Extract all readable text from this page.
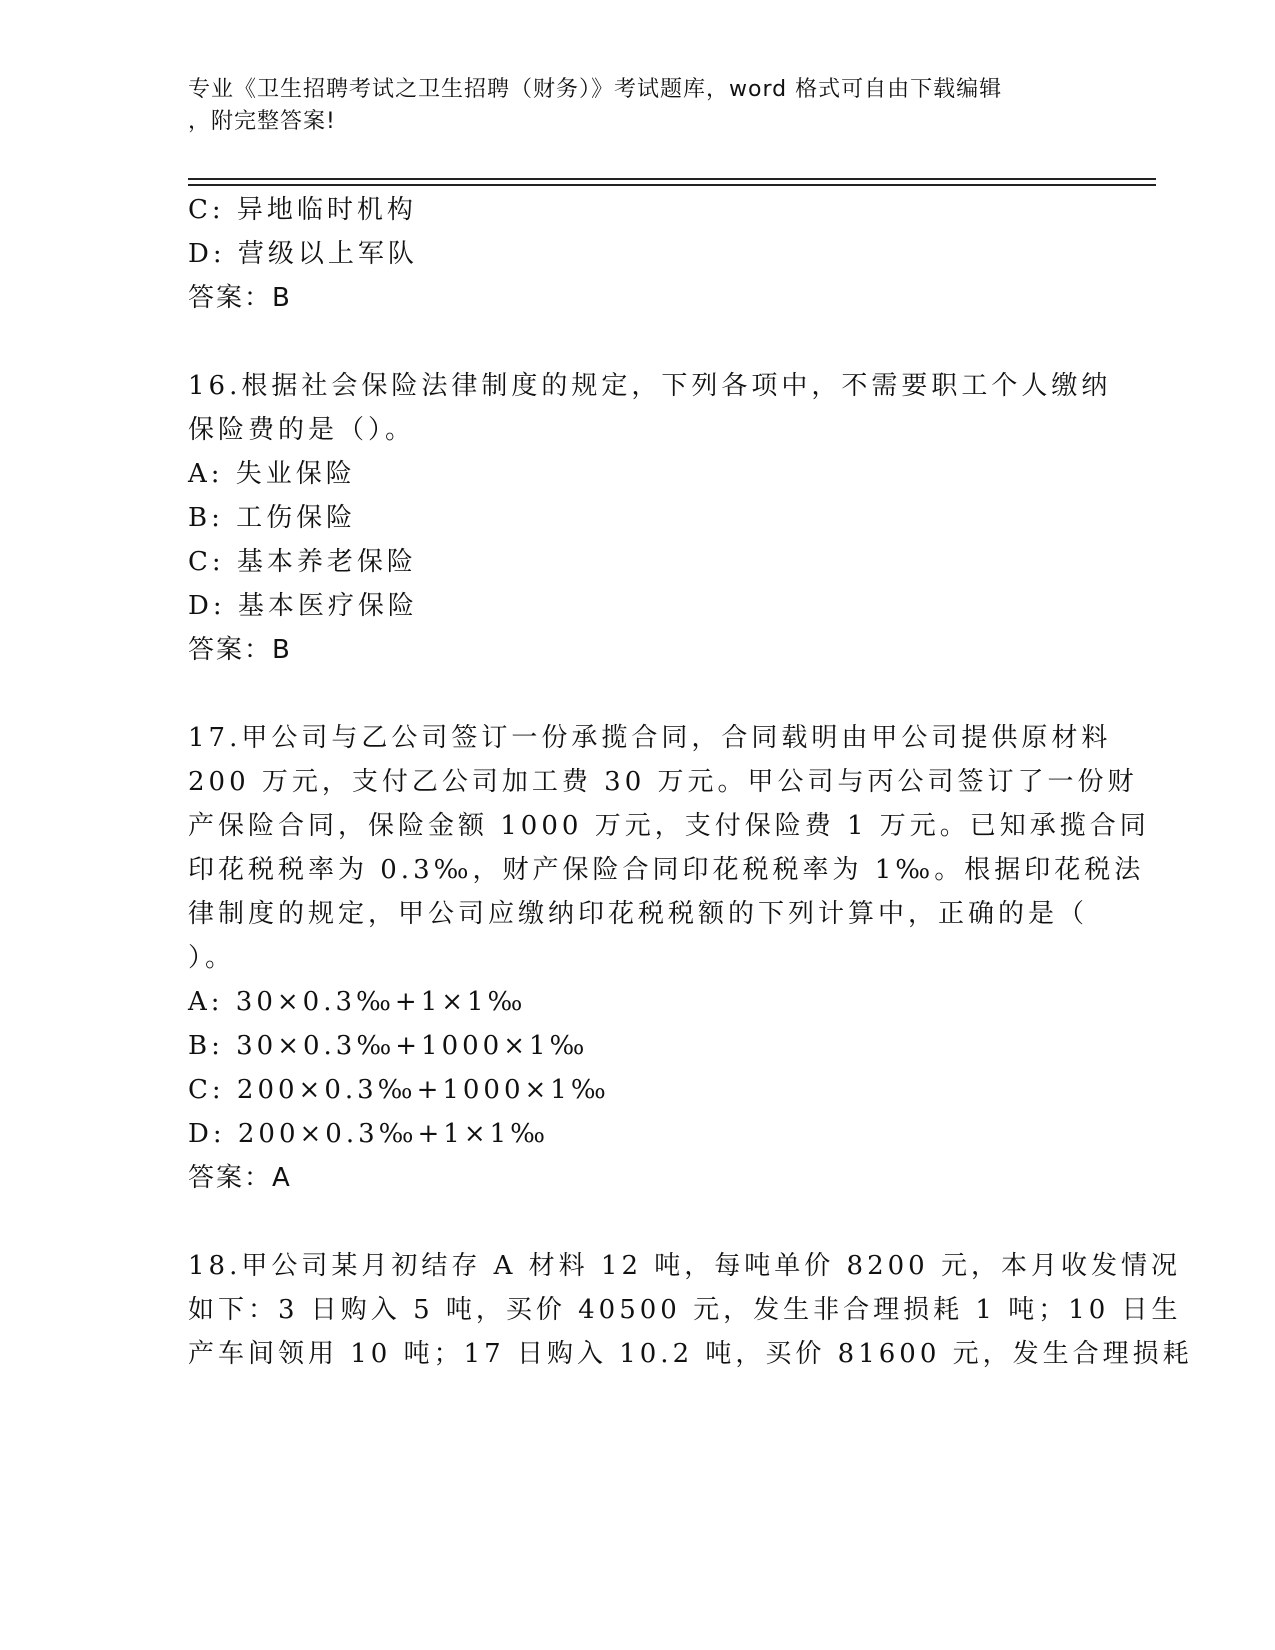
专业《卫生招聘考试之卫生招聘（财务）》考试题库，word 格式可自由下载编辑
，附完整答案!
C: 异地临时机构
D: 营级以上军队
答案：B
16.根据社会保险法律制度的规定，下列各项中，不需要职工个人缴纳
保险费的是（）。
A: 失业保险
B: 工伤保险
C: 基本养老保险
D: 基本医疗保险
答案：B
17.甲公司与乙公司签订一份承揽合同，合同载明由甲公司提供原材料
200 万元，支付乙公司加工费 30 万元。甲公司与丙公司签订了一份财
产保险合同，保险金额 1000 万元，支付保险费 1 万元。已知承揽合同
印花税税率为 0.3‰，财产保险合同印花税税率为 1‰。根据印花税法
律制度的规定，甲公司应缴纳印花税税额的下列计算中，正确的是（
）。
A: 30×0.3‰+1×1‰
B: 30×0.3‰+1000×1‰
C: 200×0.3‰+1000×1‰
D: 200×0.3‰+1×1‰
答案：A
18.甲公司某月初结存 A 材料 12 吨，每吨单价 8200 元，本月收发情况
如下：3 日购入 5 吨，买价 40500 元，发生非合理损耗 1 吨；10 日生
产车间领用 10 吨；17 日购入 10.2 吨，买价 81600 元，发生合理损耗
